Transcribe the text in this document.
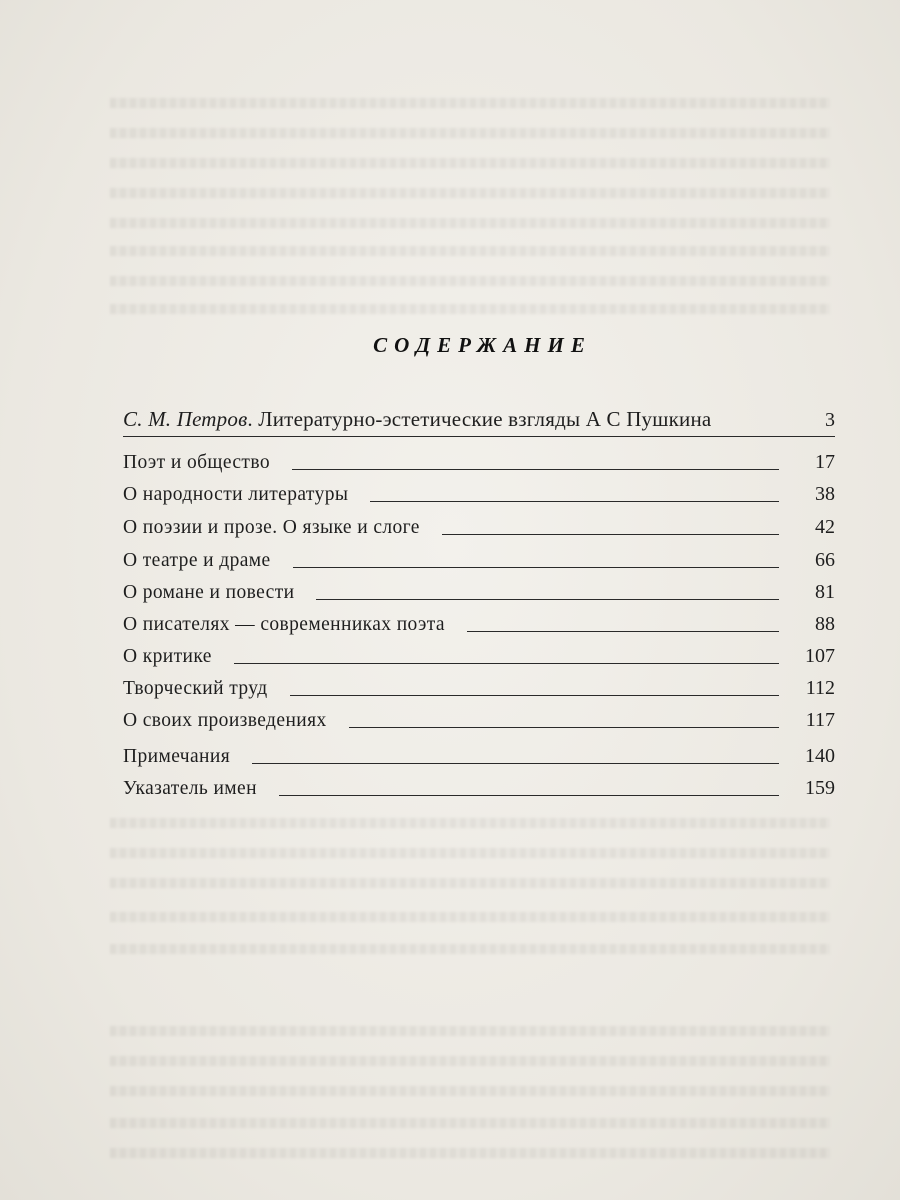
СОДЕРЖАНИЕ
С. М. Петров. Литературно-эстетические взгляды А С Пушкина	3
Поэт и общество	17
О народности литературы	38
О поэзии и прозе. О языке и слоге	42
О театре и драме	66
О романе и повести	81
О писателях — современниках поэта	88
О критике	107
Творческий труд	112
О своих произведениях	117
Примечания	140
Указатель имен	159
